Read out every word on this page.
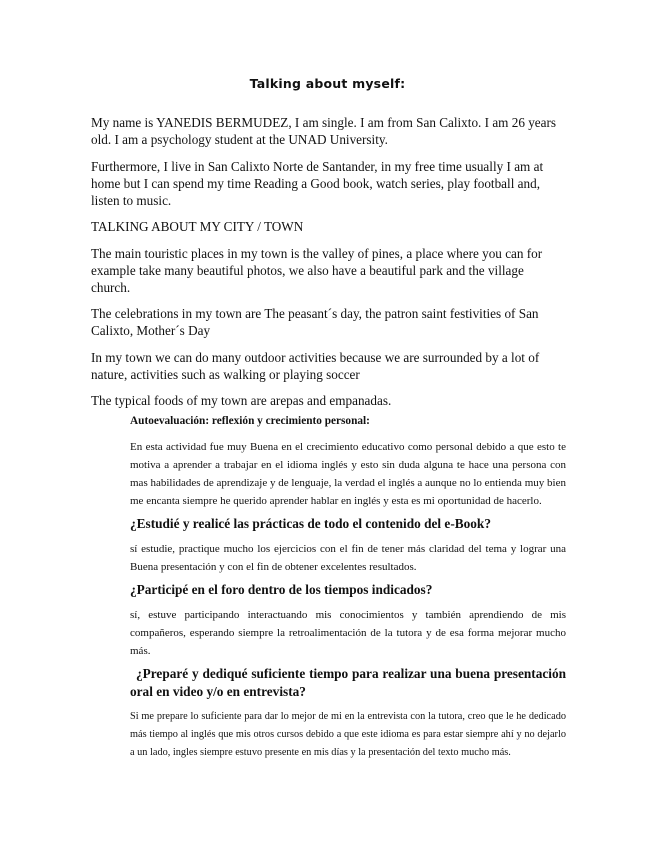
Talking about myself:

My name is YANEDIS BERMUDEZ, I am single. I am from San Calixto. I am 26 years old. I am a psychology student at the UNAD University.

Furthermore, I live in San Calixto Norte de Santander, in my free time usually I am at home but I can spend my time Reading a Good book, watch series, play football and, listen to music.

TALKING ABOUT MY CITY / TOWN

The main touristic places in my town is the valley of pines, a place where you can for example take many beautiful photos, we also have a beautiful park and the village church.

The celebrations in my town are The peasant´s day, the patron saint festivities of San Calixto, Mother´s Day

In my town we can do many outdoor activities because we are surrounded by a lot of nature, activities such as walking or playing soccer

The typical foods of my town are arepas and empanadas.

Autoevaluación: reflexión y crecimiento personal:

En esta actividad fue muy Buena en el crecimiento educativo como personal debido a que esto te motiva a aprender a trabajar en el idioma inglés y esto sin duda alguna te hace una persona con mas habilidades de aprendizaje y de lenguaje, la verdad el inglés a aunque no lo entienda muy bien me encanta siempre he querido aprender hablar en inglés y esta es mi oportunidad de hacerlo.

¿Estudié y realicé las prácticas de todo el contenido del e-Book?

sí estudie, practique mucho los ejercicios con el fin de tener más claridad del tema y lograr una Buena presentación y con el fin de obtener excelentes resultados.

¿Participé en el foro dentro de los tiempos indicados?

sí, estuve participando interactuando mis conocimientos y también aprendiendo de mis compañeros, esperando siempre la retroalimentación de la tutora y de esa forma mejorar mucho más.

¿Preparé y dediqué suficiente tiempo para realizar una buena presentación oral en video y/o en entrevista?

Si me prepare lo suficiente para dar lo mejor de mi en la entrevista con la tutora, creo que le he dedicado más tiempo al inglés que mis otros cursos debido a que este idioma es para estar siempre ahí y no dejarlo a un lado, ingles siempre estuvo presente en mis días y la presentación del texto mucho más.
